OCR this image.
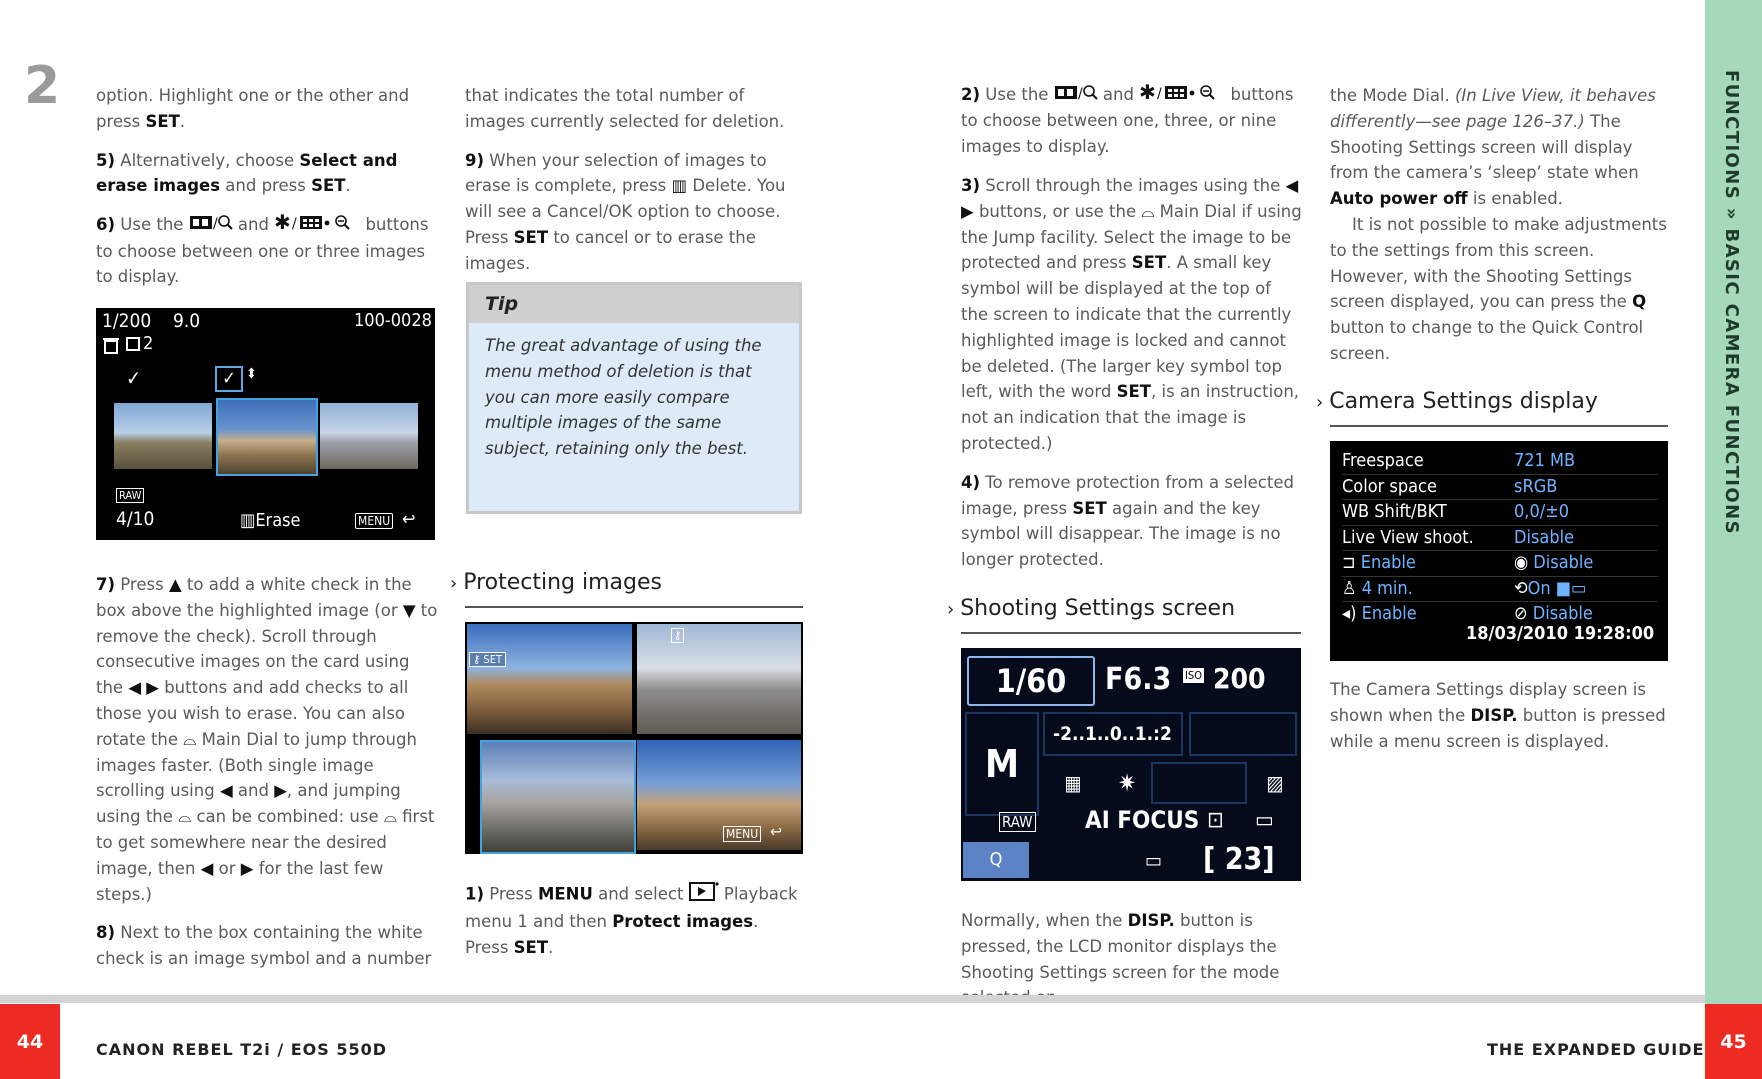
2 option. Highlight one or the other and press SET.

5) Alternatively, choose Select and erase images and press SET.

6) Use the / and ✱ /	buttons to choose between one or three images to display.

1/200 9.0	100-0028
2
✓	✓ ⬍
RAW
4/10	▥Erase	MENU ↩

7) Press ▲ to add a white check in the box above the highlighted image (or ▼ to remove the check). Scroll through consecutive images on the card using the ◀ ▶ buttons and add checks to all those you wish to erase. You can also rotate the ⌓ Main Dial to jump through images faster. (Both single image scrolling using ◀ and ▶, and jumping using the ⌓ can be combined: use ⌓ first to get somewhere near the desired image, then ◀ or ▶ for the last few steps.)

8) Next to the box containing the white check is an image symbol and a number

that indicates the total number of images currently selected for deletion.

9) When your selection of images to erase is complete, press ▥ Delete. You will see a Cancel/OK option to choose. Press SET to cancel or to erase the images.

Tip
The great advantage of using the menu method of deletion is that you can more easily compare multiple images of the same subject, retaining only the best.
› Protecting images
⚷ SET
⚷
MENU ↩

1) Press MENU and select  Playback menu 1 and then Protect images. Press SET.

2) Use the / and ✱ /	buttons to choose between one, three, or nine images to display.

3) Scroll through the images using the ◀ ▶ buttons, or use the ⌓ Main Dial if using the Jump facility. Select the image to be protected and press SET. A small key symbol will be displayed at the top of the screen to indicate that the currently highlighted image is locked and cannot be deleted. (The larger key symbol top left, with the word SET, is an instruction, not an indication that the image is protected.)

4) To remove protection from a selected image, press SET again and the key symbol will disappear. The image is no longer protected.

› Shooting Settings screen
1/60	F6.3 ISO 200
M
-2..1..0..1.:2
▦	✷	▨
RAW AI FOCUS ⊡ ▭
Q	▭ [ 23]

Normally, when the DISP. button is pressed, the LCD monitor displays the Shooting Settings screen for the mode

the Mode Dial. (In Live View, it behaves differently—see page 126–37.) The Shooting Settings screen will display from the camera’s ‘sleep’ state when Auto power off is enabled.

It is not possible to make adjustments to the settings from this screen. However, with the Shooting Settings screen displayed, you can press the Q button to change to the Quick Control screen.

› Camera Settings display
Freespace	721 MB
Color space	sRGB
WB Shift/BKT	0,0/±0
Live View shoot.	Disable
⊐ Enable	◉ Disable
♙ 4 min.	⟲On ■▭
◂) Enable	⊘ Disable
18/03/2010 19:28:00

The Camera Settings display screen is shown when the DISP. button is pressed while a menu screen is displayed.

FUNCTIONS » BASIC CAMERA FUNCTIONS
44	45
CANON REBEL T2i / EOS 550D	THE EXPANDED GUIDE
